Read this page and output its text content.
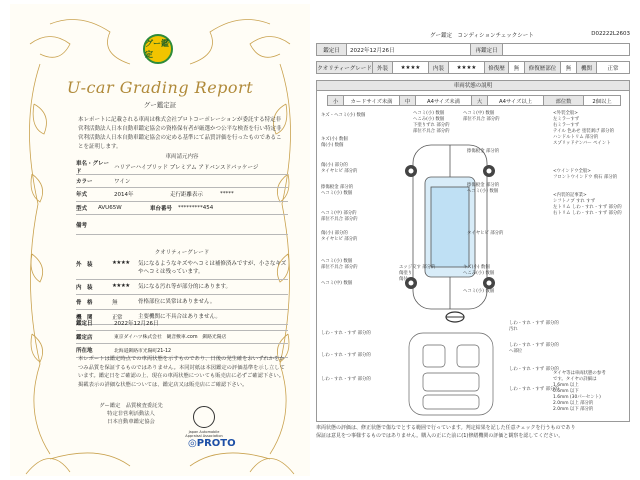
グー鑑定
U-car Grading Report
グー鑑定証
本レポートに記載される車両は株式会社プロトコーポレーションが委託する特定非営利活動法人日本自動車鑑定協会の資格保有者が厳選かつ公平な検査を行い特定非営利活動法人日本自動車鑑定協会の定める基準にて品質評価を行ったものであることを証明します。
車両請元内容
車名・グレード
ハリアーハイブリッド プレミアム アドバンスドパッケージ
カラー	ワイン
年式	2014年	走行距離表示	*****
型式	AVU65W	車台番号	*********454
備考
クオリティーグレード
外　装	★★★★	気になるようなキズやヘコミは補修済みですが、小さなキズやヘコミは残っています。
内　装	★★★★	気になる汚れ等が部分的にあります。
骨　格	無	骨格部位に異常はありません。
機　関	正常	主要機関に不具合はありません。
鑑定日	2022年12月26日
鑑定店	東京ダイハツ株式会社　観音敷車.com　釧路光陽店
所在地	北海道釧路市光陽町21-12
本レポートは鑑定時点での車両状態を示すものであり、日後の発生確をおいずれかをかつみ品質を保証するものではありません。本同封紙は本図鑑定の評価基準を示し立しています。鑑定日をご確認の上、現在の車両状態についても販売店に必ずご確認下さい。掲載表示の詳細な状態については、鑑定店又は販売店にご確認下さい。
グー鑑定　品質検査委託先
特定非営利活動法人
日本自動車鑑定協会
Japan Automobile Appraisal Association
◎PROTO
グー鑑定　コンディションチェックシート	D02222L2603
鑑定日	2022年12月26日	再鑑定日	
クオリティーグレード	外装	★★★★	内装	★★★★	修復歴	無	修復歴部位	無	機関	正常
車両状態の説明
小	カードサイズ未満	中	A4サイズ未満	大	A4サイズ以上	部位数	2個以上
キズ・ヘコミ(小) 数個	ヘコミ(小) 数個
へこみ(小) 数個
下塗りずれ 部分的
部位不具合 部分的
ヘコミ(中) 数個
部位不具合 部分的
キズ(小) 数個
傷(小) 数個
傷(小) 部分的
タイヤヒビ 部分的
擦傷板金 部分的
ヘコミ(小) 数個
擦傷板金 部分的
ヘコミ(小) 数個
ヘコミ(中) 部分的
部位不具合 部分的
傷(小) 部分的
タイヤヒビ 部分的
タイヤヒビ 部分的
ヘコミ(小) 数個
部位不具合 部分的
ヘコミ(中) 数個
エッジ交す 部分的
傷塗り
傷付
キズ(小) 数個
へこみ(小) 数個
擦傷板金 部分的
ヘコミ(小) 数個
しわ・すれ・すず 部分的
しわ・すれ・すず 部分的
汚れ
しわ・すれ・すず 部分的
へ部位
しわ・すれ・すず 部分的
しわ・すれ・すず 部分的
しわ・すれ・すず 部分的
しわ・すれ・すず 部分的
<外装全般>
左ミラーすず
右ミラーすず
テイル 色あせ 塗装剥げ 部分的
ハンドルトリム 部分的
スプリッドナンバー ペイント
<ウインドウ全般>
フロントウインドウ 飛石 部分的
<内装的記事業>
シフトノブ すれ すず
左トリム しわ・すれ・すず 部分的
右トリム しわ・すれ・すず 部分的
タイヤ等は車両状態の参考
です。タイヤの詳細は
1.6mm 以上
0.6mm 以下
1.6mm (30パーセント)
2.0mm 以上 部分的
2.0mm 以下 部分的
車両状態の評価は、修正状態で傷なでとする範囲で行っています。判定結果を記した任意チェックを行うものであり
保証は意見をつ事様するものではありません。購入の正にた前に(1)修繕機関の評価と観察を認してください。
